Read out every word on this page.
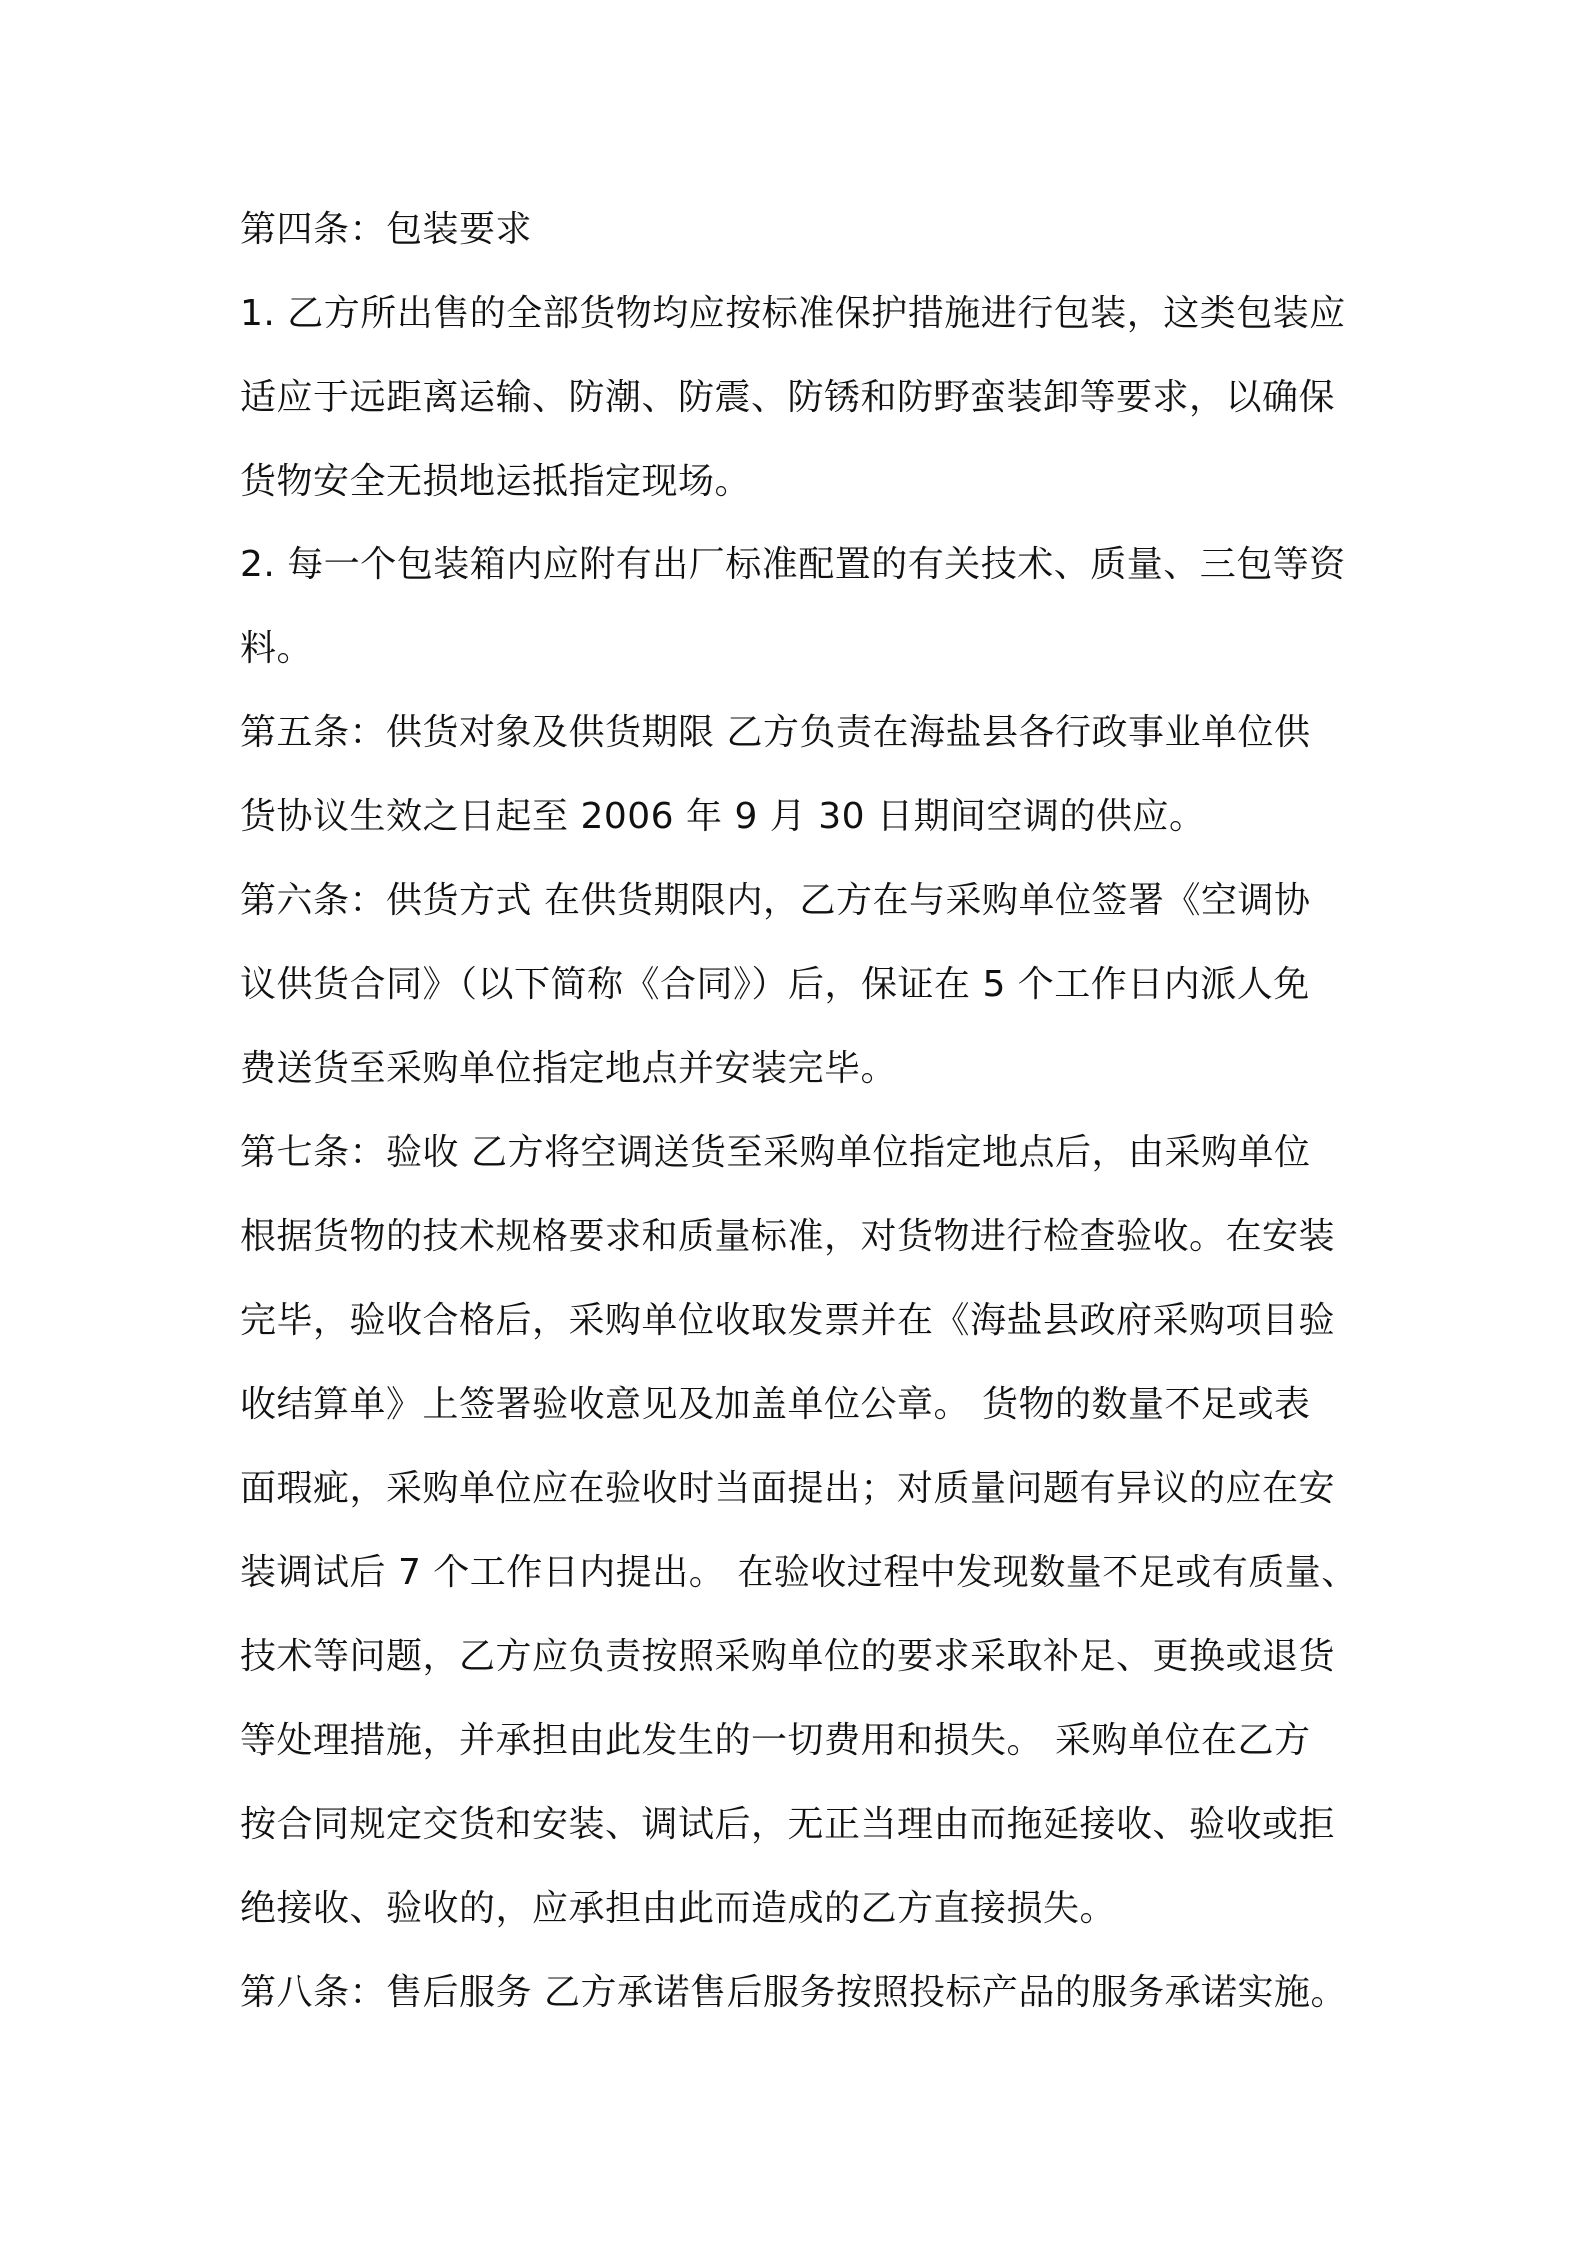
第四条：包装要求
1. 乙方所出售的全部货物均应按标准保护措施进行包装，这类包装应
适应于远距离运输、防潮、防震、防锈和防野蛮装卸等要求，以确保
货物安全无损地运抵指定现场。
2. 每一个包装箱内应附有出厂标准配置的有关技术、质量、三包等资
料。
第五条：供货对象及供货期限 乙方负责在海盐县各行政事业单位供
货协议生效之日起至 2006 年 9 月 30 日期间空调的供应。
第六条：供货方式 在供货期限内，乙方在与采购单位签署《空调协
议供货合同》（以下简称《合同》）后，保证在 5 个工作日内派人免
费送货至采购单位指定地点并安装完毕。
第七条：验收 乙方将空调送货至采购单位指定地点后，由采购单位
根据货物的技术规格要求和质量标准，对货物进行检查验收。在安装
完毕，验收合格后，采购单位收取发票并在《海盐县政府采购项目验
收结算单》上签署验收意见及加盖单位公章。 货物的数量不足或表
面瑕疵，采购单位应在验收时当面提出；对质量问题有异议的应在安
装调试后 7 个工作日内提出。 在验收过程中发现数量不足或有质量、
技术等问题，乙方应负责按照采购单位的要求采取补足、更换或退货
等处理措施，并承担由此发生的一切费用和损失。 采购单位在乙方
按合同规定交货和安装、调试后，无正当理由而拖延接收、验收或拒
绝接收、验收的，应承担由此而造成的乙方直接损失。
第八条：售后服务 乙方承诺售后服务按照投标产品的服务承诺实施。
